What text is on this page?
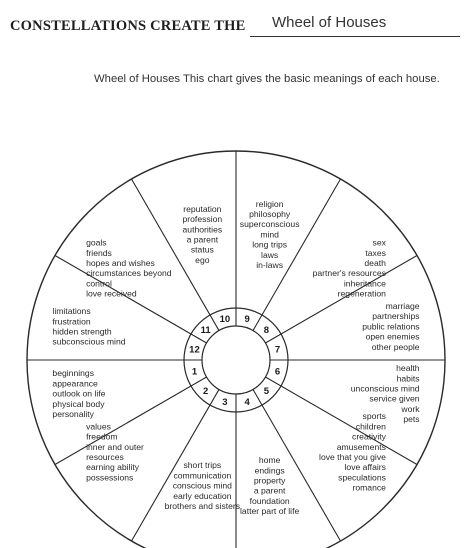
CONSTELLATIONS CREATE THE Wheel of Houses

Wheel of Houses This chart gives the basic meanings of each house.

1
beginnings
appearance
outlook on life
physical body
personality
2
values
freedom
inner and outer
resources
earning ability
possessions
3
short trips
communication
conscious mind
early education
brothers and sisters
4
home
endings
property
a parent
foundation
latter part of life
5
sports
children
creativity
amusements
love that you give
love affairs
speculations
romance
6	health
habits
unconscious mind
service given
work
pets
7
marriage
partnerships
public relations
open enemies
other people
8
sex
taxes
death
partner's resources
inheritance
regeneration
9
religion
philosophy
superconscious
mind
long trips
laws
in-laws
10
reputation
profession
authorities
a parent
status
ego
11
goals
friends
hopes and wishes
circumstances beyond
control
love received
12
limitations
frustration
hidden strength
subconscious mind
